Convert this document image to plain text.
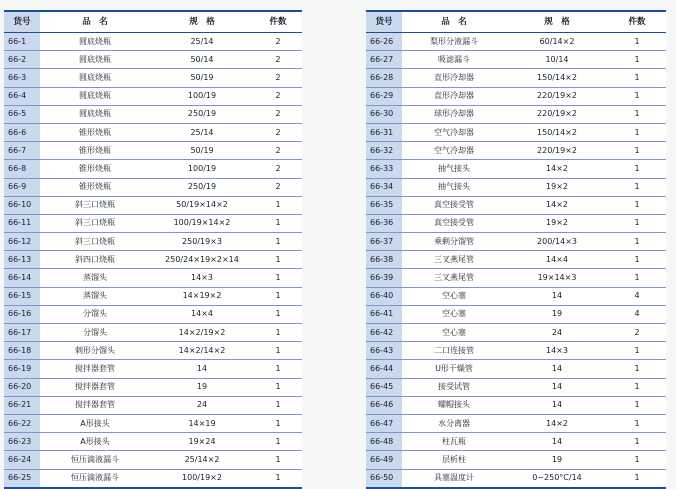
货号	品　名	规　格	件数
66-1	圆底烧瓶	25/14	2
66-2	圆底烧瓶	50/14	2
66-3	圆底烧瓶	50/19	2
66-4	圆底烧瓶	100/19	2
66-5	圆底烧瓶	250/19	2
66-6	锥形烧瓶	25/14	2
66-7	锥形烧瓶	50/19	2
66-8	锥形烧瓶	100/19	2
66-9	锥形烧瓶	250/19	2
66-10	斜三口烧瓶	50/19×14×2	1
66-11	斜三口烧瓶	100/19×14×2	1
66-12	斜三口烧瓶	250/19×3	1
66-13	斜四口烧瓶	250/24×19×2×14	1
66-14	蒸馏头	14×3	1
66-15	蒸馏头	14×19×2	1
66-16	分馏头	14×4	1
66-17	分馏头	14×2/19×2	1
66-18	刺形分馏头	14×2/14×2	1
66-19	搅拌器套管	14	1
66-20	搅拌器套管	19	1
66-21	搅拌器套管	24	1
66-22	A形接头	14×19	1
66-23	A形接头	19×24	1
66-24	恒压滴液漏斗	25/14×2	1
66-25	恒压滴液漏斗	100/19×2	1
货号	品　名	规　格	件数
66-26	梨形分液漏斗	60/14×2	1
66-27	吸滤漏斗	10/14	1
66-28	直形冷却器	150/14×2	1
66-29	直形冷却器	220/19×2	1
66-30	球形冷却器	220/19×2	1
66-31	空气冷却器	150/14×2	1
66-32	空气冷却器	220/19×2	1
66-33	抽气接头	14×2	1
66-34	抽气接头	19×2	1
66-35	真空接受管	14×2	1
66-36	真空接受管	19×2	1
66-37	乘剩分馏管	200/14×3	1
66-38	三叉燕尾管	14×4	1
66-39	三叉燕尾管	19×14×3	1
66-40	空心塞	14	4
66-41	空心塞	19	4
66-42	空心塞	24	2
66-43	二口连接管	14×3	1
66-44	U形干燥管	14	1
66-45	接受试管	14	1
66-46	螺帽接头	14	1
66-47	水分离器	14×2	1
66-48	柱瓦瓶	14	1
66-49	层析柱	19	1
66-50	具塞温度计	0~250°C/14	1
